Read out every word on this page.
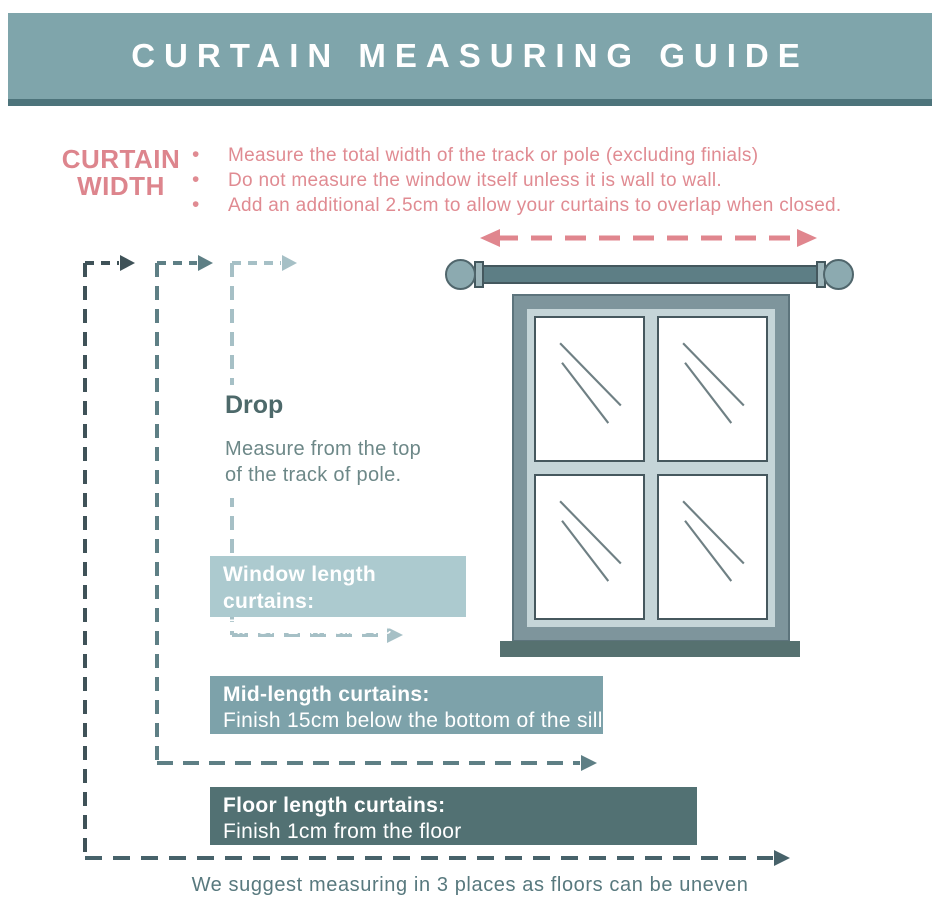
CURTAIN MEASURING GUIDE
CURTAIN
WIDTH
•	Measure the total width of the track or pole (excluding finials)
•	Do not measure the window itself unless it is wall to wall.
•	Add an additional 2.5cm to allow your curtains to overlap when closed.

Drop

Measure from the top
of the track of pole.

Window length curtains:
Finish 1cm above the sill
Mid-length curtains:
Finish 15cm below the bottom of the sill
Floor length curtains:
Finish 1cm from the floor
We suggest measuring in 3 places as floors can be uneven
